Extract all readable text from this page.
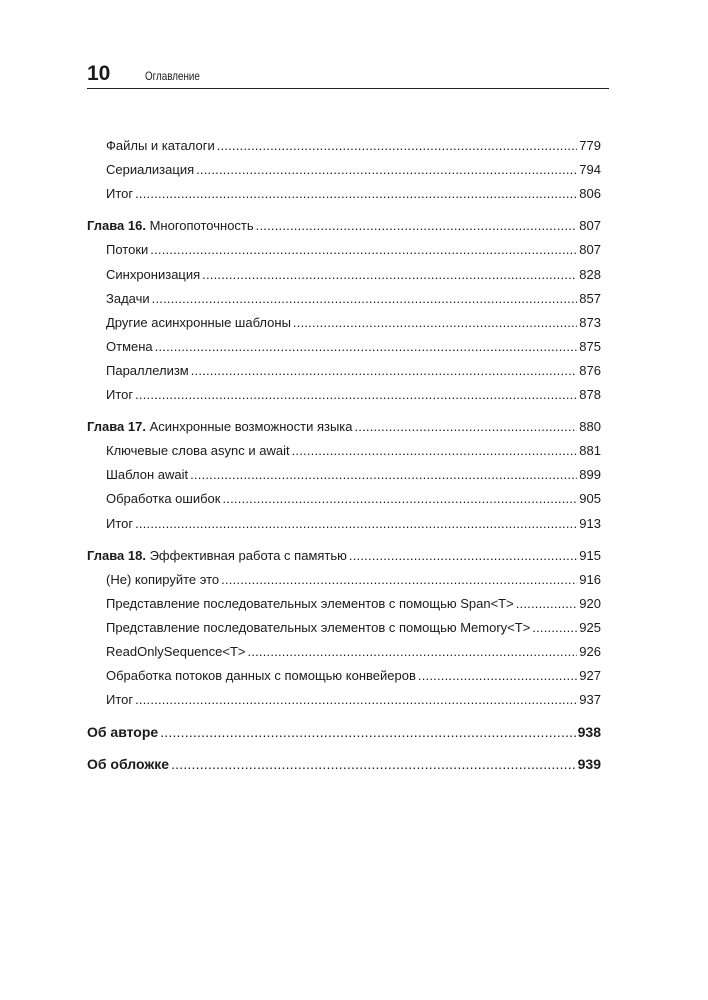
10	Оглавление
Файлы и каталоги .....	779
Сериализация .....	794
Итог .....	806
Глава 16. Многопоточность .....	807
Потоки .....	807
Синхронизация .....	828
Задачи .....	857
Другие асинхронные шаблоны .....	873
Отмена .....	875
Параллелизм .....	876
Итог .....	878
Глава 17. Асинхронные возможности языка .....	880
Ключевые слова async и await .....	881
Шаблон await .....	899
Обработка ошибок .....	905
Итог .....	913
Глава 18. Эффективная работа с памятью .....	915
(Не) копируйте это .....	916
Представление последовательных элементов с помощью Span<T> .....	920
Представление последовательных элементов с помощью Memory<T> .....	925
ReadOnlySequence<T> .....	926
Обработка потоков данных с помощью конвейеров .....	927
Итог .....	937
Об авторе .....	938
Об обложке .....	939
